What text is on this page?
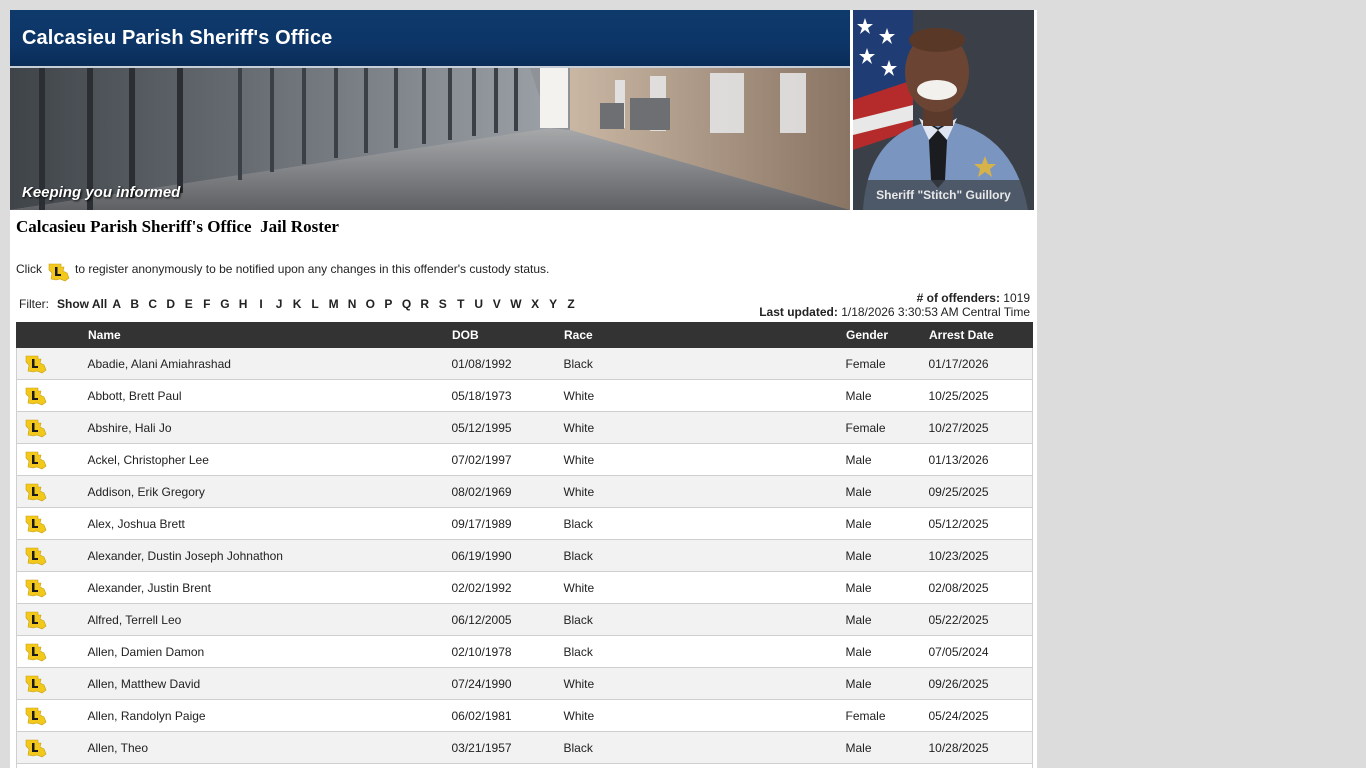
Calcasieu Parish Sheriff's Office
Keeping you informed	Sheriff "Stitch" Guillory
Calcasieu Parish Sheriff's Office  Jail Roster
Click	to register anonymously to be notified upon any changes in this offender's custody status.
Filter: Show All A B C D E F G H I J K L M N O P Q R S T U V W X Y Z	# of offenders: 1019
Last updated: 1/18/2026 3:30:53 AM Central Time
	Name	DOB	Race	Gender	Arrest Date

	Abadie, Alani Amiahrashad	01/08/1992	Black	Female	01/17/2026

	Abbott, Brett Paul	05/18/1973	White	Male	10/25/2025

	Abshire, Hali Jo	05/12/1995	White	Female	10/27/2025

	Ackel, Christopher Lee	07/02/1997	White	Male	01/13/2026

	Addison, Erik Gregory	08/02/1969	White	Male	09/25/2025

	Alex, Joshua Brett	09/17/1989	Black	Male	05/12/2025

	Alexander, Dustin Joseph Johnathon	06/19/1990	Black	Male	10/23/2025

	Alexander, Justin Brent	02/02/1992	White	Male	02/08/2025

	Alfred, Terrell Leo	06/12/2005	Black	Male	05/22/2025

	Allen, Damien Damon	02/10/1978	Black	Male	07/05/2024

	Allen, Matthew David	07/24/1990	White	Male	09/26/2025

	Allen, Randolyn Paige	06/02/1981	White	Female	05/24/2025

	Allen, Theo	03/21/1957	Black	Male	10/28/2025
